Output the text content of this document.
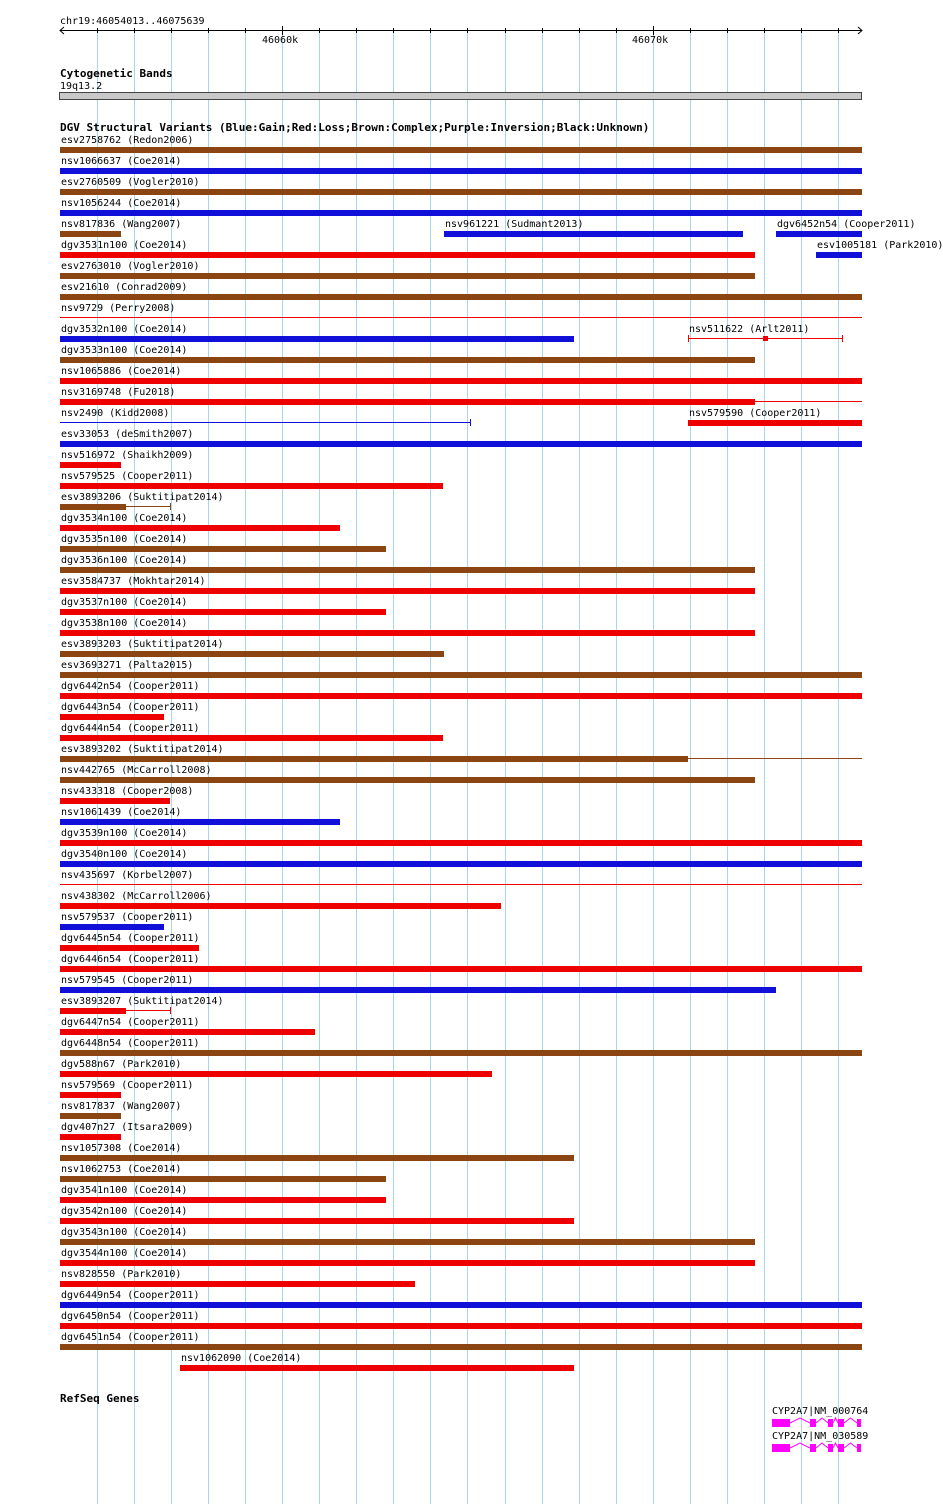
chr19:46054013..46075639
46060k	46070k
Cytogenetic Bands
19q13.2
DGV Structural Variants (Blue:Gain;Red:Loss;Brown:Complex;Purple:Inversion;Black:Unknown)
esv2758762 (Redon2006)
nsv1066637 (Coe2014)
esv2760509 (Vogler2010)
nsv1056244 (Coe2014)
nsv817836 (Wang2007)	nsv961221 (Sudmant2013)	dgv6452n54 (Cooper2011)
dgv3531n100 (Coe2014)	esv1005181 (Park2010)
esv2763010 (Vogler2010)
esv21610 (Conrad2009)
nsv9729 (Perry2008)
dgv3532n100 (Coe2014)	nsv511622 (Arlt2011)
dgv3533n100 (Coe2014)
nsv1065886 (Coe2014)
nsv3169748 (Fu2018)
nsv2490 (Kidd2008)	nsv579590 (Cooper2011)
esv33053 (deSmith2007)
nsv516972 (Shaikh2009)
nsv579525 (Cooper2011)
esv3893206 (Suktitipat2014)
dgv3534n100 (Coe2014)
dgv3535n100 (Coe2014)
dgv3536n100 (Coe2014)
esv3584737 (Mokhtar2014)
dgv3537n100 (Coe2014)
dgv3538n100 (Coe2014)
esv3893203 (Suktitipat2014)
esv3693271 (Palta2015)
dgv6442n54 (Cooper2011)
dgv6443n54 (Cooper2011)
dgv6444n54 (Cooper2011)
esv3893202 (Suktitipat2014)
nsv442765 (McCarroll2008)
nsv433318 (Cooper2008)
nsv1061439 (Coe2014)
dgv3539n100 (Coe2014)
dgv3540n100 (Coe2014)
nsv435697 (Korbel2007)
nsv438302 (McCarroll2006)
nsv579537 (Cooper2011)
dgv6445n54 (Cooper2011)
dgv6446n54 (Cooper2011)
nsv579545 (Cooper2011)
esv3893207 (Suktitipat2014)
dgv6447n54 (Cooper2011)
dgv6448n54 (Cooper2011)
dgv588n67 (Park2010)
nsv579569 (Cooper2011)
nsv817837 (Wang2007)
dgv407n27 (Itsara2009)
nsv1057308 (Coe2014)
nsv1062753 (Coe2014)
dgv3541n100 (Coe2014)
dgv3542n100 (Coe2014)
dgv3543n100 (Coe2014)
dgv3544n100 (Coe2014)
nsv828550 (Park2010)
dgv6449n54 (Cooper2011)
dgv6450n54 (Cooper2011)
dgv6451n54 (Cooper2011)
nsv1062090 (Coe2014)
RefSeq Genes
CYP2A7|NM_000764
CYP2A7|NM_030589
